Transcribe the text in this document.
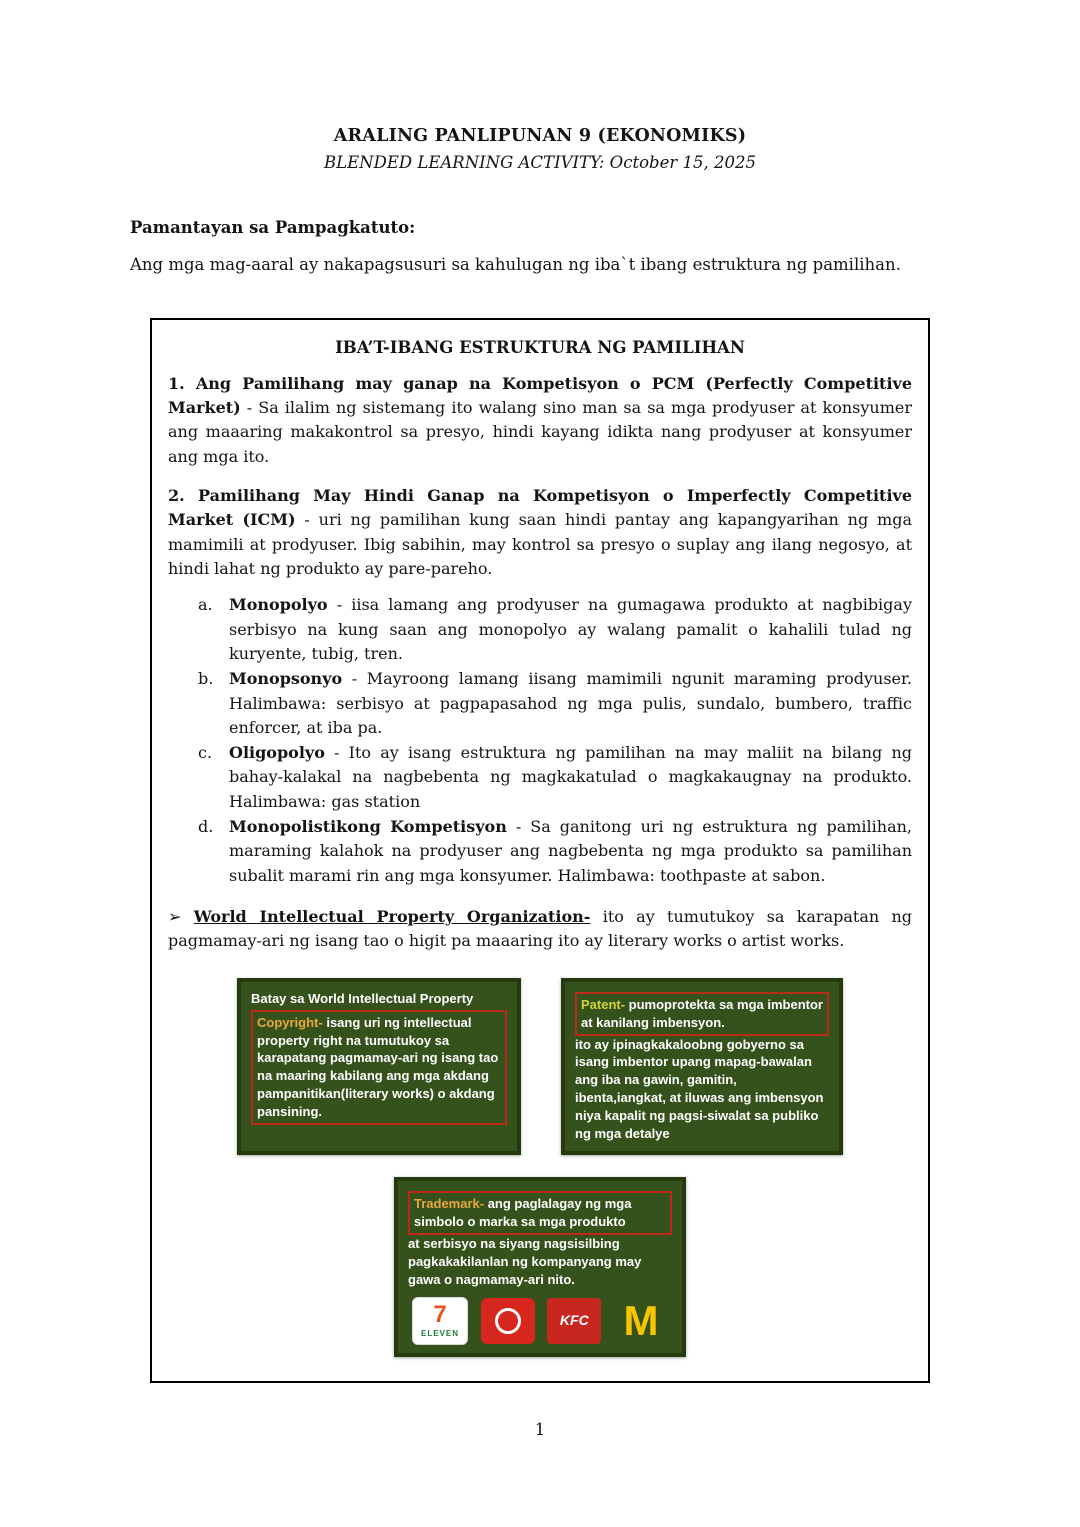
ARALING PANLIPUNAN 9 (EKONOMIKS)
BLENDED LEARNING ACTIVITY: October 15, 2025
Pamantayan sa Pampagkatuto:
Ang mga mag-aaral ay nakapagsusuri sa kahulugan ng iba`t ibang estruktura ng pamilihan.
IBA’T-IBANG ESTRUKTURA NG PAMILIHAN

1. Ang Pamilihang may ganap na Kompetisyon o PCM (Perfectly Competitive Market) - Sa ilalim ng sistemang ito walang sino man sa sa mga prodyuser at konsyumer ang maaaring makakontrol sa presyo, hindi kayang idikta nang prodyuser at konsyumer ang mga ito.

2. Pamilihang May Hindi Ganap na Kompetisyon o Imperfectly Competitive Market (ICM) - uri ng pamilihan kung saan hindi pantay ang kapangyarihan ng mga mamimili at prodyuser. Ibig sabihin, may kontrol sa presyo o suplay ang ilang negosyo, at hindi lahat ng produkto ay pare-pareho.

a.	Monopolyo - iisa lamang ang prodyuser na gumagawa produkto at nagbibigay serbisyo na kung saan ang monopolyo ay walang pamalit o kahalili tulad ng kuryente, tubig, tren.
b. Monopsonyo - Mayroong lamang iisang mamimili ngunit maraming prodyuser. Halimbawa: serbisyo at pagpapasahod ng mga pulis, sundalo, bumbero, traffic enforcer, at iba pa.
c.	Oligopolyo - Ito ay isang estruktura ng pamilihan na may maliit na bilang ng bahay-kalakal na nagbebenta ng magkakatulad o magkakaugnay na produkto. Halimbawa: gas station
d. Monopolistikong Kompetisyon - Sa ganitong uri ng estruktura ng pamilihan, maraming kalahok na prodyuser ang nagbebenta ng mga produkto sa pamilihan subalit marami rin ang mga konsyumer. Halimbawa: toothpaste at sabon.

➢ World Intellectual Property Organization- ito ay tumutukoy sa karapatan ng pagmamay-ari ng isang tao o higit pa maaaring ito ay literary works o artist works.

Batay sa World Intellectual Property
Copyright- isang uri ng intellectual property right na tumutukoy sa karapatang pagmamay-ari ng isang tao na maaring kabilang ang mga akdang pampanitikan(literary works) o akdang pansining.
Patent- pumoprotekta sa mga imbentor at kanilang imbensyon.
ito ay ipinagkakaloobng gobyerno sa isang imbentor upang mapag-bawalan ang iba na gawin, gamitin, ibenta,iangkat, at iluwas ang imbensyon niya kapalit ng pagsi-siwalat sa publiko ng mga detalye
Trademark- ang paglalagay ng mga simbolo o marka sa mga produkto
at serbisyo na siyang nagsisilbing pagkakakilanlan ng kompanyang may gawa o nagmamay-ari nito.
7
ELEVEN
KFC M
1
